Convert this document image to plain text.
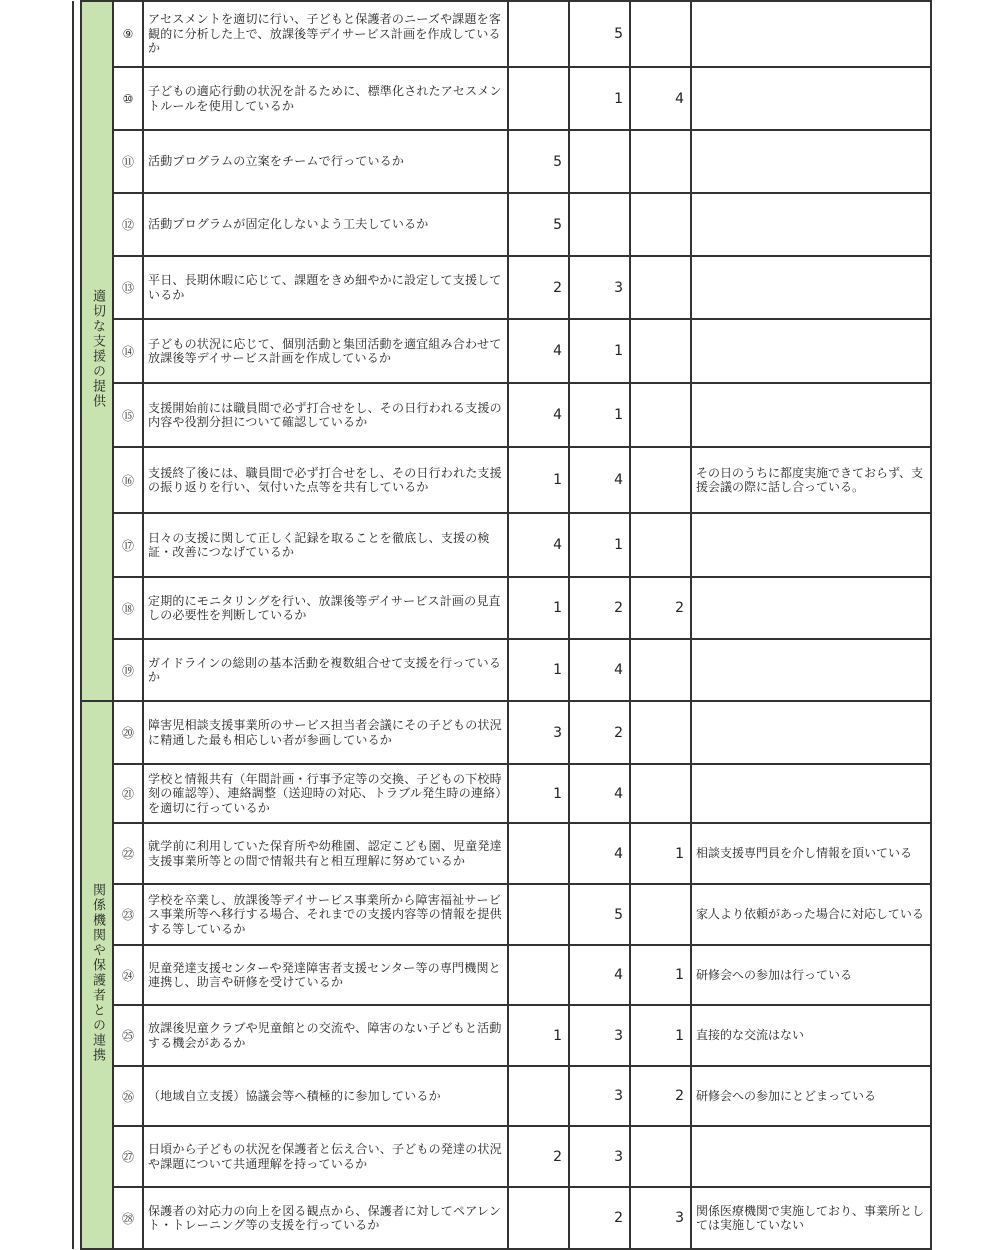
	適切な支援の提供	⑨	アセスメントを適切に行い、子どもと保護者のニーズや課題を客観的に分析した上で、放課後等デイサービス計画を作成しているか		5		
		⑩	子どもの適応行動の状況を計るために、標準化されたアセスメントルールを使用しているか		1	4	
		⑪	活動プログラムの立案をチームで行っているか	5			
		⑫	活動プログラムが固定化しないよう工夫しているか	5			
		⑬	平日、長期休暇に応じて、課題をきめ細やかに設定して支援しているか	2	3		
		⑭	子どもの状況に応じて、個別活動と集団活動を適宜組み合わせて放課後等デイサービス計画を作成しているか	4	1		
		⑮	支援開始前には職員間で必ず打合せをし、その日行われる支援の内容や役割分担について確認しているか	4	1		
		⑯	支援終了後には、職員間で必ず打合せをし、その日行われた支援の振り返りを行い、気付いた点等を共有しているか	1	4		その日のうちに都度実施できておらず、支援会議の際に話し合っている。
		⑰	日々の支援に関して正しく記録を取ることを徹底し、支援の検証・改善につなげているか	4	1		
		⑱	定期的にモニタリングを行い、放課後等デイサービス計画の見直しの必要性を判断しているか	1	2	2	
		⑲	ガイドラインの総則の基本活動を複数組合せて支援を行っているか	1	4		
	関係機関や保護者との連携	⑳	障害児相談支援事業所のサービス担当者会議にその子どもの状況に精通した最も相応しい者が参画しているか	3	2		
		㉑	学校と情報共有（年間計画・行事予定等の交換、子どもの下校時刻の確認等）、連絡調整（送迎時の対応、トラブル発生時の連絡）を適切に行っているか	1	4		
		㉒	就学前に利用していた保育所や幼稚園、認定こども園、児童発達支援事業所等との間で情報共有と相互理解に努めているか		4	1	相談支援専門員を介し情報を頂いている
		㉓	学校を卒業し、放課後等デイサービス事業所から障害福祉サービス事業所等へ移行する場合、それまでの支援内容等の情報を提供する等しているか		5		家人より依頼があった場合に対応している
		㉔	児童発達支援センターや発達障害者支援センター等の専門機関と連携し、助言や研修を受けているか		4	1	研修会への参加は行っている
		㉕	放課後児童クラブや児童館との交流や、障害のない子どもと活動する機会があるか	1	3	1	直接的な交流はない
		㉖	（地域自立支援）協議会等へ積極的に参加しているか		3	2	研修会への参加にとどまっている
		㉗	日頃から子どもの状況を保護者と伝え合い、子どもの発達の状況や課題について共通理解を持っているか	2	3		
		㉘	保護者の対応力の向上を図る観点から、保護者に対してペアレント・トレーニング等の支援を行っているか		2	3	関係医療機関で実施しており、事業所としては実施していない
